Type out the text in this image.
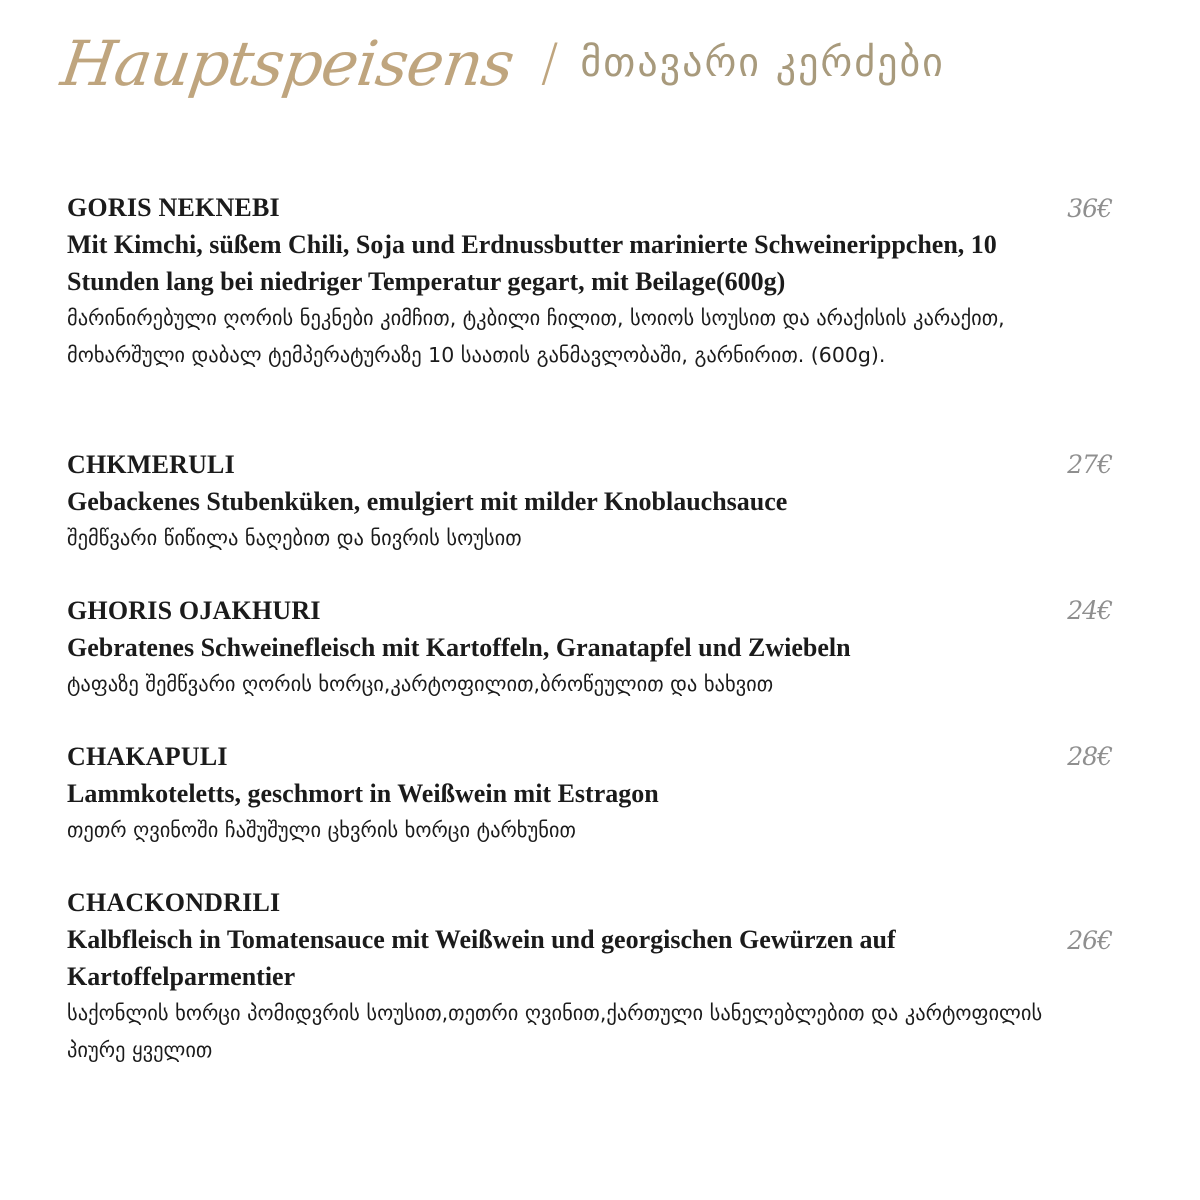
Hauptspeisens / მთავარი კერძები
GORIS NEKNEBI
Mit Kimchi, süßem Chili, Soja und Erdnussbutter marinierte Schweinerippchen, 10 Stunden lang bei niedriger Temperatur gegart, mit Beilage(600g)
მარინირებული ღორის ნეკნები კიმჩით, ტკბილი ჩილით, სოიოს სოუსით და არაქისის კარაქით, მოხარშული დაბალ ტემპერატურაზე 10 საათის განმავლობაში, გარნირით. (600g).
36€
CHKMERULI
Gebackenes Stubenküken, emulgiert mit milder Knoblauchsauce
შემწვარი წიწილა ნაღებით და ნივრის სოუსით
27€
GHORIS OJAKHURI
Gebratenes Schweinefleisch mit Kartoffeln, Granatapfel und Zwiebeln
ტაფაზე შემწვარი ღორის ხორცი,კარტოფილით,ბროწეულით და ხახვით
24€
CHAKAPULI
Lammkoteletts, geschmort in Weißwein mit Estragon
თეთრ ღვინოში ჩაშუშული ცხვრის ხორცი ტარხუნით
28€
CHACKONDRILI
Kalbfleisch in Tomatensauce mit Weißwein und georgischen Gewürzen auf Kartoffelparmentier
საქონლის ხორცი პომიდვრის სოუსით,თეთრი ღვინით,ქართული სანელებლებით და კარტოფილის პიურე ყველით
26€
